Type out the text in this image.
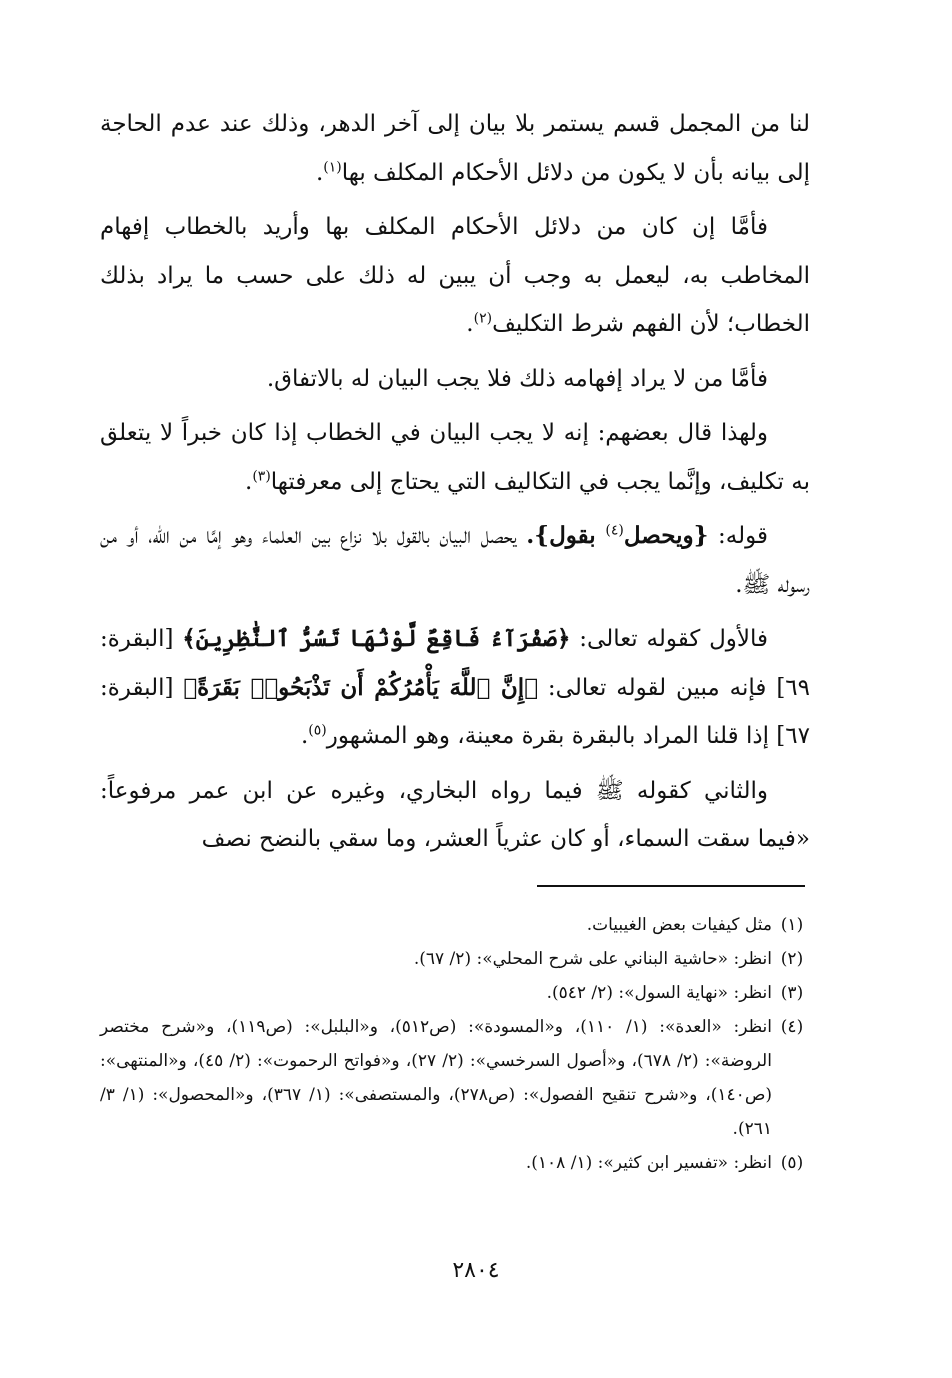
لنا من المجمل قسم يستمر بلا بيان إلى آخر الدهر، وذلك عند عدم الحاجة إلى بيانه بأن لا يكون من دلائل الأحكام المكلف بها$^{(١)}$.

فأمَّا إن كان من دلائل الأحكام المكلف بها وأريد بالخطاب إفهام المخاطب به، ليعمل به وجب أن يبين له ذلك على حسب ما يراد بذلك الخطاب؛ لأن الفهم شرط التكليف$^{(٢)}$.

فأمَّا من لا يراد إفهامه ذلك فلا يجب البيان له بالاتفاق.

ولهذا قال بعضهم: إنه لا يجب البيان في الخطاب إذا كان خبراً لا يتعلق به تكليف، وإنَّما يجب في التكاليف التي يحتاج إلى معرفتها$^{(٣)}$.

قوله: {ويحصل$^{(٤)}$ بقول}. يحصل البيان بالقول بلا نزاع بين العلماء وهو إمَّا من الله، أو من رسوله ﷺ.

فالأول كقوله تعالى: ﴿صَفْرَآءُ فَاقِعٌ لَّوْنُهَا تَسُرُّ ٱلنَّٰظِرِينَ﴾ [البقرة: ٦٩] فإنه مبين لقوله تعالى: ﴿إِنَّ ٱللَّهَ يَأْمُرُكُمْ أَن تَذْبَحُوا۟ بَقَرَةً﴾ [البقرة: ٦٧] إذا قلنا المراد بالبقرة بقرة معينة، وهو المشهور$^{(٥)}$.

والثاني كقوله ﷺ فيما رواه البخاري، وغيره عن ابن عمر مرفوعاً: «فيما سقت السماء، أو كان عثرياً العشر، وما سقي بالنضح نصف

(١)
مثل كيفيات بعض الغيبيات.
(٢)
انظر: «حاشية البناني على شرح المحلي»: (٢/ ٦٧).
(٣)
انظر: «نهاية السول»: (٢/ ٥٤٢).
(٤)
انظر: «العدة»: (١/ ١١٠)، و«المسودة»: (ص٥١٢)، و«البلبل»: (ص١١٩)، و«شرح مختصر الروضة»: (٢/ ٦٧٨)، و«أصول السرخسي»: (٢/ ٢٧)، و«فواتح الرحموت»: (٢/ ٤٥)، و«المنتهى»: (ص١٤٠)، و«شرح تنقيح الفصول»: (ص٢٧٨)، والمستصفى»: (١/ ٣٦٧)، و«المحصول»: (١/ ٣/ ٢٦١).
(٥)
انظر: «تفسير ابن كثير»: (١/ ١٠٨).
٢٨٠٤
